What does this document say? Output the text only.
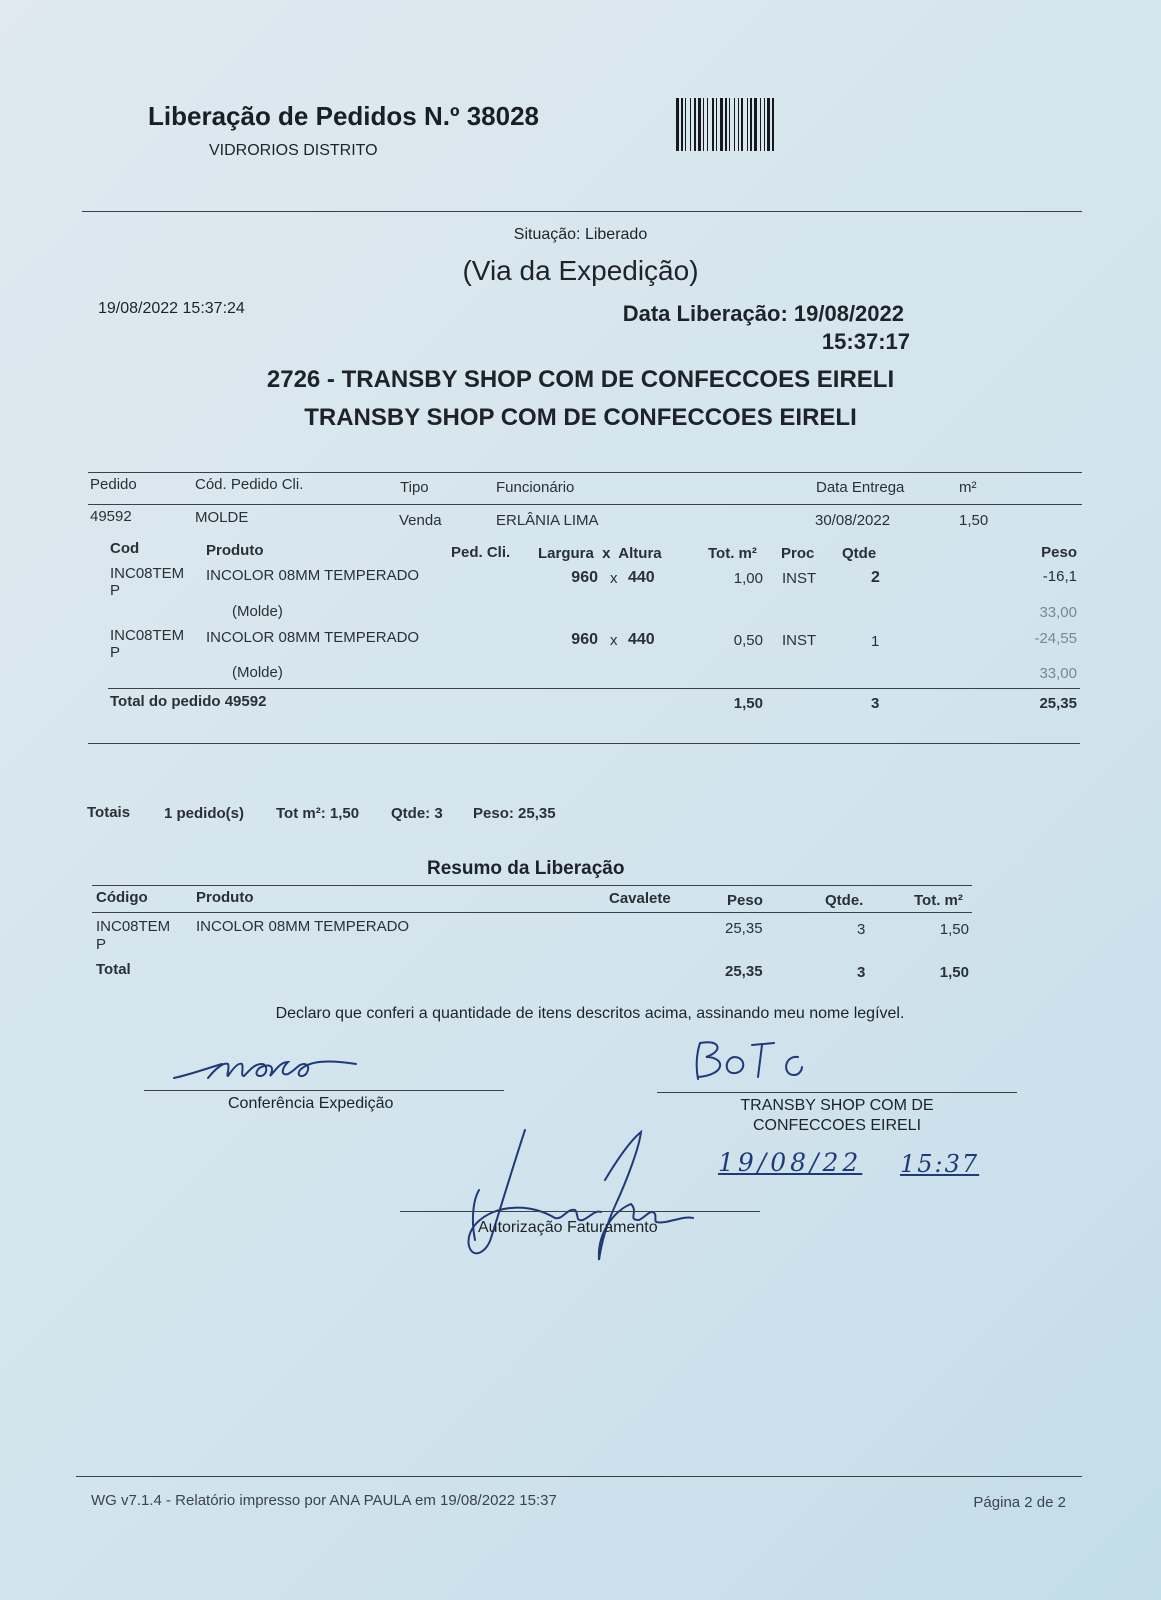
Liberação de Pedidos N.º 38028
VIDRORIOS DISTRITO
Situação: Liberado
(Via da Expedição)
19/08/2022 15:37:24	Data Liberação: 19/08/2022
15:37:17
2726 - TRANSBY SHOP COM DE CONFECCOES EIRELI
TRANSBY SHOP COM DE CONFECCOES EIRELI
Pedido	Cód. Pedido Cli.	Tipo	Funcionário	Data Entrega	m²
49592	MOLDE	Venda	ERLÂNIA LIMA	30/08/2022	1,50
Cod	Produto	Ped. Cli. Largura  x  Altura	Tot. m² Proc Qtde	Peso
INC08TEM
P
INCOLOR 08MM TEMPERADO	960 x 440	1,00 INST	2	-16,1
(Molde)	33,00
INC08TEM
P
INCOLOR 08MM TEMPERADO	960 x 440	0,50 INST	1	-24,55
(Molde)	33,00
Total do pedido 49592	1,50	3	25,35
Totais 1 pedido(s) Tot m²: 1,50 Qtde: 3 Peso: 25,35
Resumo da Liberação
Código	Produto	Cavalete	Peso	Qtde.	Tot. m²
INC08TEM
P
INCOLOR 08MM TEMPERADO	25,35	3	1,50
Total	25,35	3	1,50
Declaro que conferi a quantidade de itens descritos acima, assinando meu nome legível.
Conferência Expedição	TRANSBY SHOP COM DE
CONFECCOES EIRELI
19/08/22 15:37
Autorização Faturamento
WG v7.1.4 - Relatório impresso por ANA PAULA em 19/08/2022 15:37	Página 2 de 2
